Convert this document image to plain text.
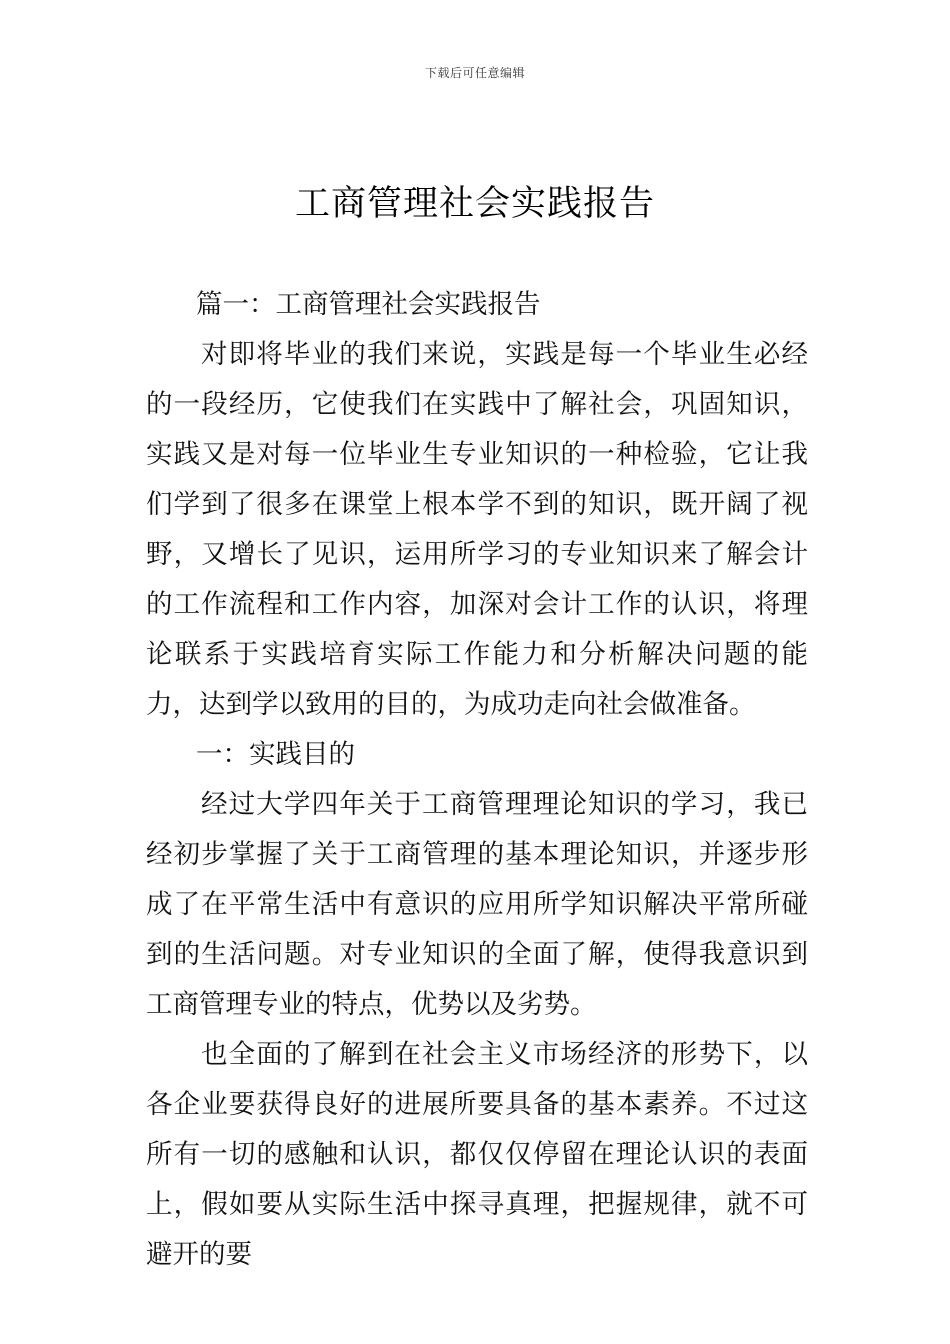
下载后可任意编辑
工商管理社会实践报告

篇一：工商管理社会实践报告

对即将毕业的我们来说，实践是每一个毕业生必经的一段经历，它使我们在实践中了解社会，巩固知识，实践又是对每一位毕业生专业知识的一种检验，它让我们学到了很多在课堂上根本学不到的知识，既开阔了视野，又增长了见识，运用所学习的专业知识来了解会计的工作流程和工作内容，加深对会计工作的认识，将理论联系于实践培育实际工作能力和分析解决问题的能力，达到学以致用的目的，为成功走向社会做准备。

一：实践目的

经过大学四年关于工商管理理论知识的学习，我已经初步掌握了关于工商管理的基本理论知识，并逐步形成了在平常生活中有意识的应用所学知识解决平常所碰到的生活问题。对专业知识的全面了解，使得我意识到工商管理专业的特点，优势以及劣势。

也全面的了解到在社会主义市场经济的形势下，以各企业要获得良好的进展所要具备的基本素养。不过这所有一切的感触和认识，都仅仅停留在理论认识的表面上，假如要从实际生活中探寻真理，把握规律，就不可避开的要
